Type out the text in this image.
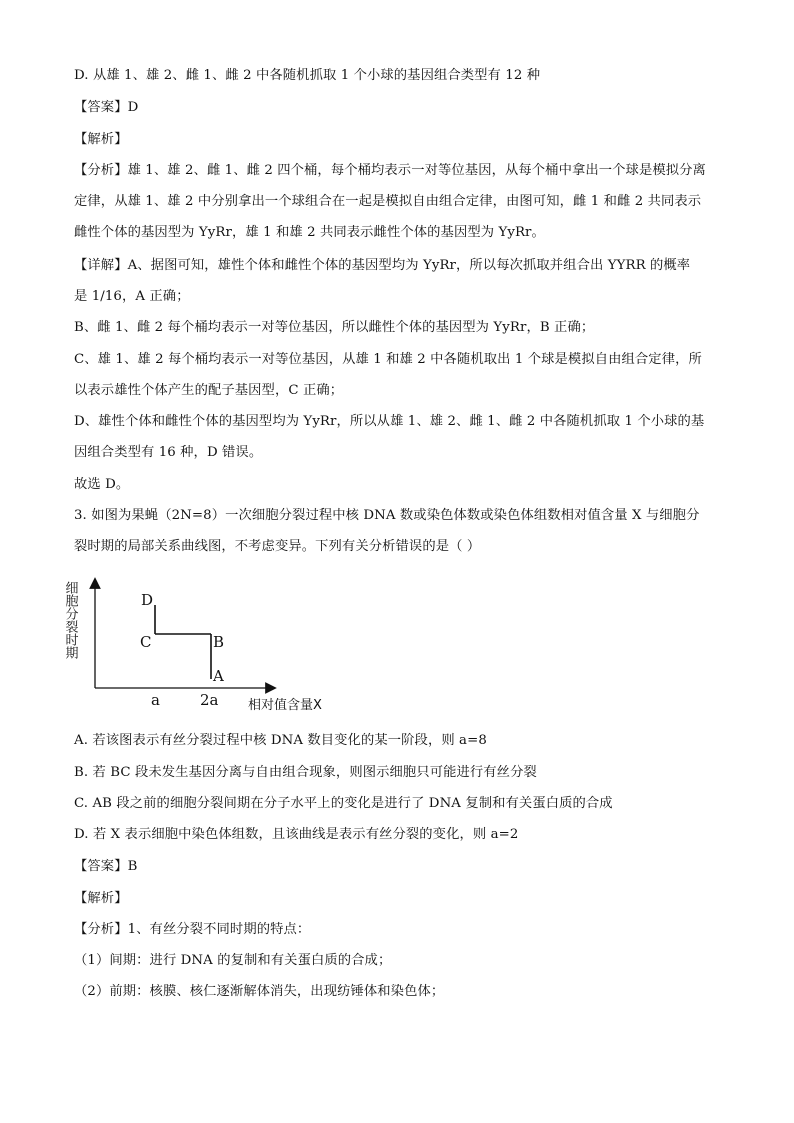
D. 从雄 1、雄 2、雌 1、雌 2 中各随机抓取 1 个小球的基因组合类型有 12 种
【答案】D
【解析】
【分析】雄 1、雄 2、雌 1、雌 2 四个桶，每个桶均表示一对等位基因，从每个桶中拿出一个球是模拟分离
定律，从雄 1、雄 2 中分别拿出一个球组合在一起是模拟自由组合定律，由图可知，雌 1 和雌 2 共同表示
雌性个体的基因型为 YyRr，雄 1 和雄 2 共同表示雌性个体的基因型为 YyRr。
【详解】A、据图可知，雄性个体和雌性个体的基因型均为 YyRr，所以每次抓取并组合出 YYRR 的概率
是 1/16，A 正确；
B、雌 1、雌 2 每个桶均表示一对等位基因，所以雌性个体的基因型为 YyRr，B 正确；
C、雄 1、雄 2 每个桶均表示一对等位基因，从雄 1 和雄 2 中各随机取出 1 个球是模拟自由组合定律，所
以表示雄性个体产生的配子基因型，C 正确；
D、雄性个体和雌性个体的基因型均为 YyRr，所以从雄 1、雄 2、雌 1、雌 2 中各随机抓取 1 个小球的基
因组合类型有 16 种，D 错误。
故选 D。
3. 如图为果蝇（2N=8）一次细胞分裂过程中核 DNA 数或染色体数或染色体组数相对值含量 X 与细胞分
裂时期的局部关系曲线图，不考虑变异。下列有关分析错误的是（ ）
D
C	B
A
a	2a 相对值含量X
细胞分裂时期
A. 若该图表示有丝分裂过程中核 DNA 数目变化的某一阶段，则 a=8
B. 若 BC 段未发生基因分离与自由组合现象，则图示细胞只可能进行有丝分裂
C. AB 段之前的细胞分裂间期在分子水平上的变化是进行了 DNA 复制和有关蛋白质的合成
D. 若 X 表示细胞中染色体组数，且该曲线是表示有丝分裂的变化，则 a=2
【答案】B
【解析】
【分析】1、有丝分裂不同时期的特点：
（1）间期：进行 DNA 的复制和有关蛋白质的合成；
（2）前期：核膜、核仁逐渐解体消失，出现纺锤体和染色体；
